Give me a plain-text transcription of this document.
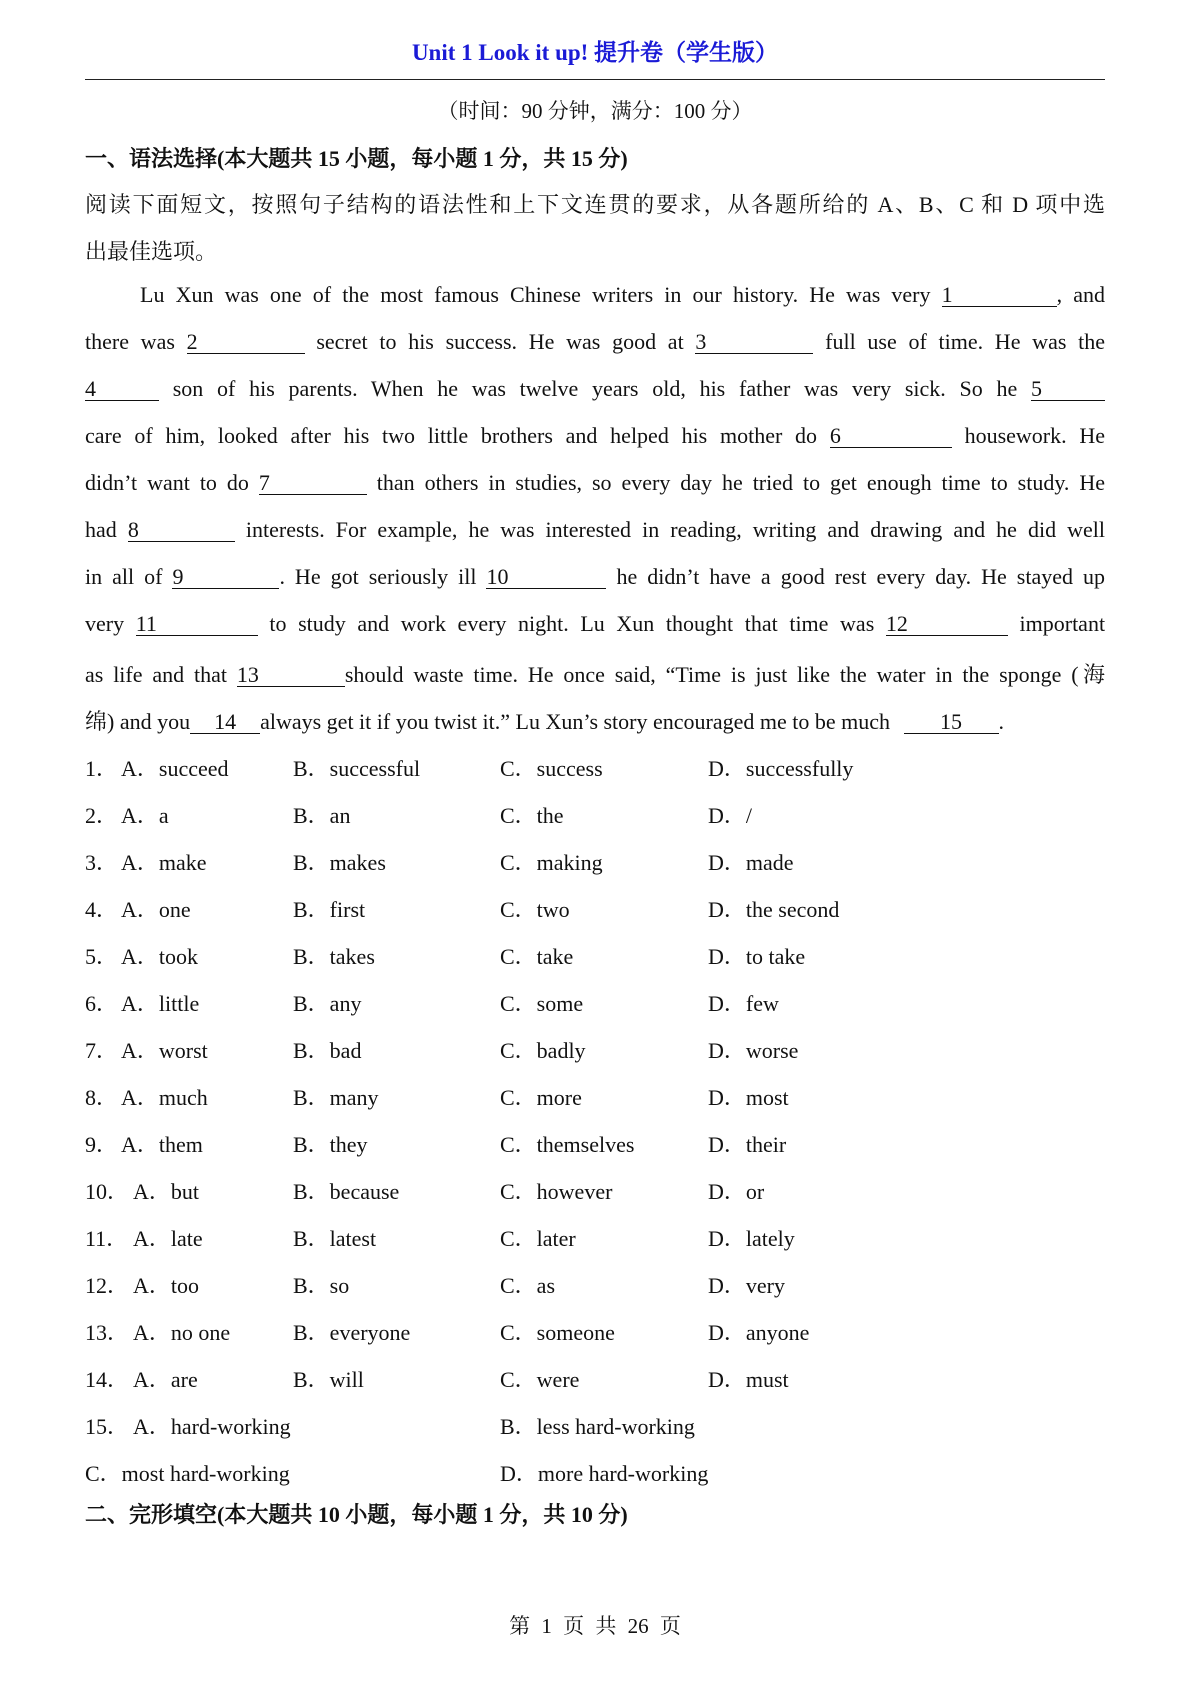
Unit 1 Look it up! 提升卷（学生版）
（时间：90 分钟，满分：100 分）
一、语法选择(本大题共 15 小题，每小题 1 分，共 15 分)
阅读下面短文，按照句子结构的语法性和上下文连贯的要求，从各题所给的 A、B、C 和 D 项中选
出最佳选项。
Lu Xun was one of the most famous Chinese writers in our history. He was very 1	, and
there was 2	secret to his success. He was good at 3	full use of time. He was the
4	son of his parents. When he was twelve years old, his father was very sick. So he 5
care of him, looked after his two little brothers and helped his mother do 6	housework. He
didn’t want to do 7	than others in studies, so every day he tried to get enough time to study. He
had 8	interests. For example, he was interested in reading, writing and drawing and he did well
in all of 9	. He got seriously ill 10	he didn’t have a good rest every day. He stayed up
very 11	to study and work every night. Lu Xun thought that time was 12	important
as life and that 13	should waste time. He once said, “Time is just like the water in the sponge (海
绵) and you 14 always get it if you twist it.” Lu Xun’s story encouraged me to be much 15 .
1． A．succeed	B．successful	C．success	D．successfully
2． A．a	B．an	C．the	D．/
3． A．make	B．makes	C．making	D．made
4． A．one	B．first	C．two	D．the second
5． A．took	B．takes	C．take	D．to take
6． A．little	B．any	C．some	D．few
7． A．worst	B．bad	C．badly	D．worse
8． A．much	B．many	C．more	D．most
9． A．them	B．they	C．themselves	D．their
10． A．but	B．because	C．however	D．or
11． A．late	B．latest	C．later	D．lately
12． A．too	B．so	C．as	D．very
13． A．no one	B．everyone	C．someone	D．anyone
14． A．are	B．will	C．were	D．must
15． A．hard-working	B．less hard-working
C．most hard-working	D．more hard-working
二、完形填空(本大题共 10 小题，每小题 1 分，共 10 分)
第 1 页 共 26 页
